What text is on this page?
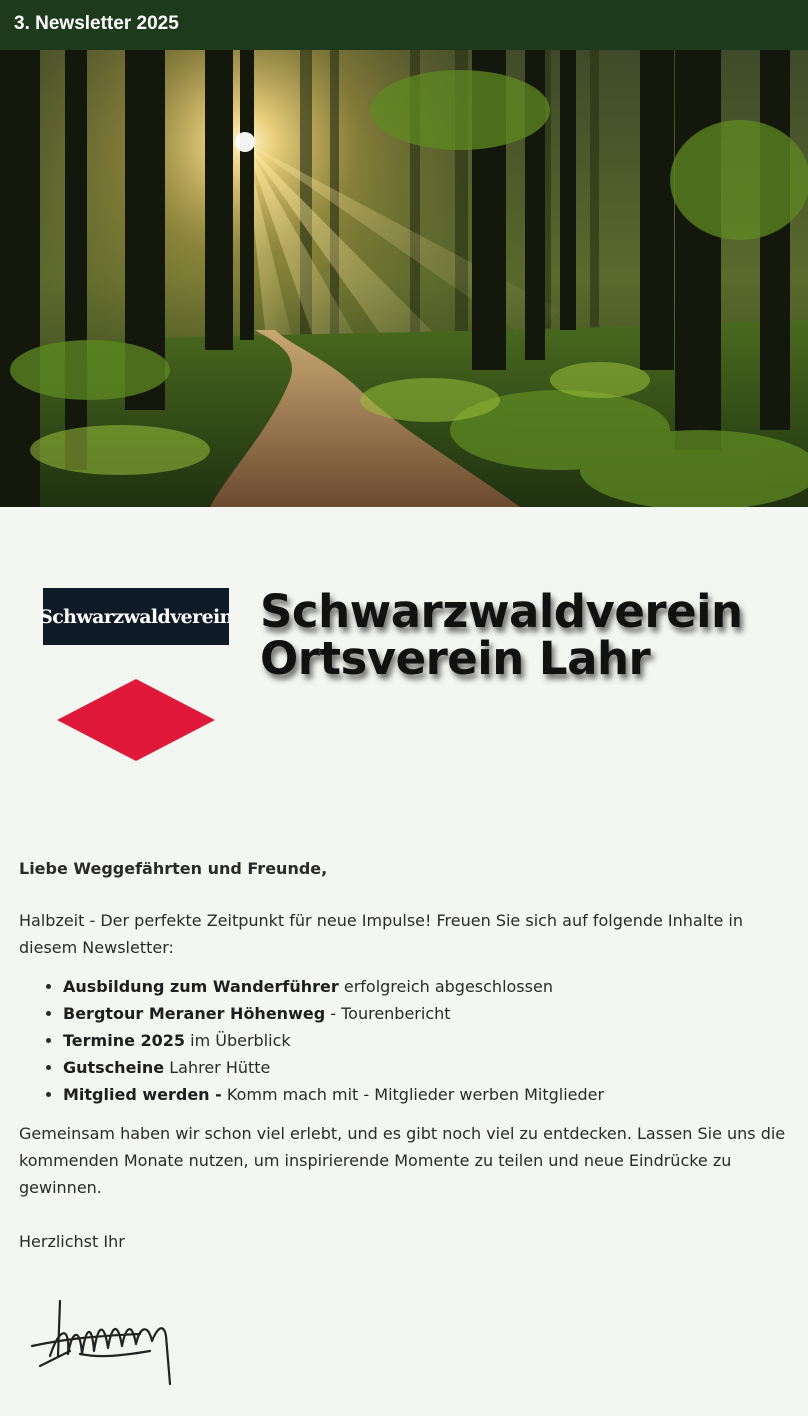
3. Newsletter 2025
Schwarzwaldverein Schwarzwaldverein
Ortsverein Lahr

Liebe Weggefährten und Freunde,

Halbzeit - Der perfekte Zeitpunkt für neue Impulse! Freuen Sie sich auf folgende Inhalte in diesem Newsletter:

• Ausbildung zum Wanderführer erfolgreich abgeschlossen
• Bergtour Meraner Höhenweg - Tourenbericht
• Termine 2025 im Überblick
• Gutscheine Lahrer Hütte
• Mitglied werden - Komm mach mit - Mitglieder werben Mitglieder

Gemeinsam haben wir schon viel erlebt, und es gibt noch viel zu entdecken. Lassen Sie uns die kommenden Monate nutzen, um inspirierende Momente zu teilen und neue Eindrücke zu gewinnen.

Herzlichst Ihr
